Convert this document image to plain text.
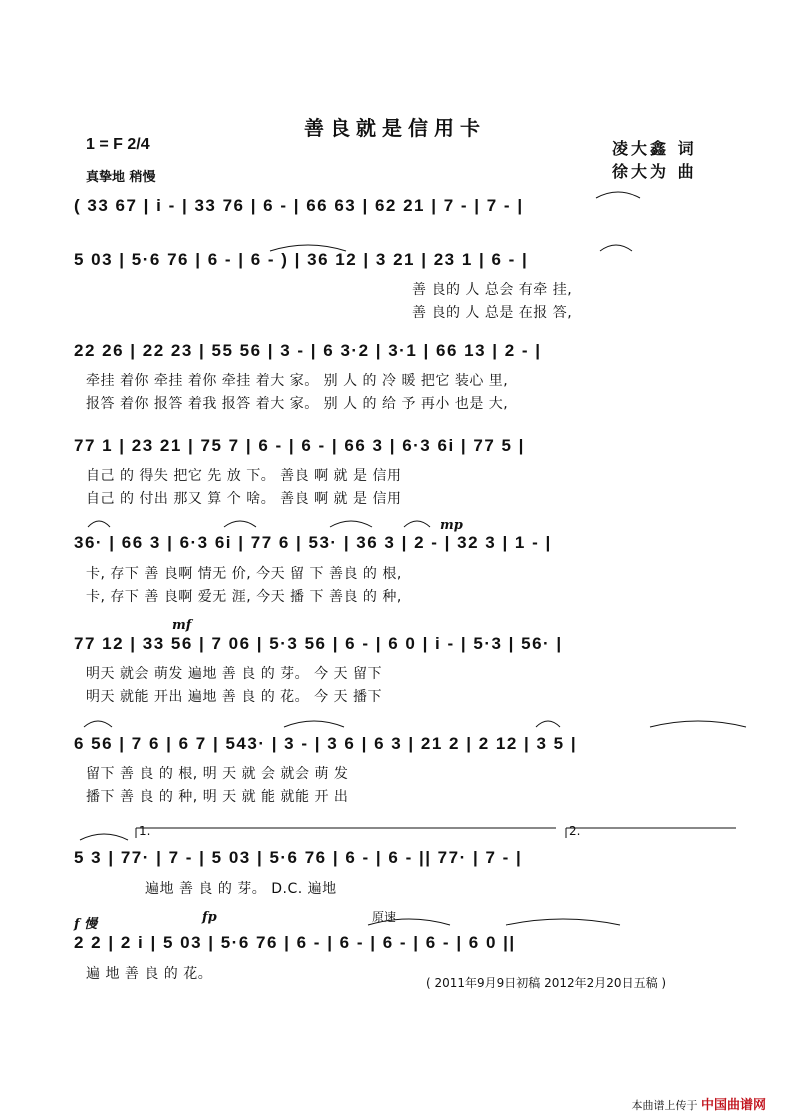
善良就是信用卡
1 = F 2/4
真挚地 稍慢
凌大鑫 词
徐大为 曲
( 33 67 | i - | 33 76 | 6 - | 66 63 | 62 21 | 7 - | 7 - |
5 03 | 5·6 76 | 6 - | 6 - ) | 36 12 | 3 21 | 23 1 | 6 - |
善 良的 人 总会 有牵 挂,
善 良的 人 总是 在报 答,
22 26 | 22 23 | 55 56 | 3 - | 6 3·2 | 3·1 | 66 13 | 2 - |
牵挂 着你 牵挂 着你 牵挂 着大 家。 别 人 的 冷 暖 把它 装心 里,
报答 着你 报答 着我 报答 着大 家。 别 人 的 给 予 再小 也是 大,
77 1 | 23 21 | 75 7 | 6 - | 6 - | 66 3 | 6·3 6i | 77 5 |
自己 的 得失 把它 先 放 下。 善良 啊 就 是 信用
自己 的 付出 那又 算 个 啥。 善良 啊 就 是 信用
mp
36· | 66 3 | 6·3 6i | 77 6 | 53· | 36 3 | 2 - | 32 3 | 1 - |
卡, 存下 善 良啊 情无 价, 今天 留 下 善良 的 根,
卡, 存下 善 良啊 爱无 涯, 今天 播 下 善良 的 种,
mf
77 12 | 33 56 | 7 06 | 5·3 56 | 6 - | 6 0 | i - | 5·3 | 56· |
明天 就会 萌发 遍地 善 良 的 芽。 今 天 留下
明天 就能 开出 遍地 善 良 的 花。 今 天 播下
6 56 | 7 6 | 6 7 | 543· | 3 - | 3 6 | 6 3 | 21 2 | 2 12 | 3 5 |
留下 善 良 的 根, 明 天 就 会 就会 萌 发
播下 善 良 的 种, 明 天 就 能 就能 开 出
1.	2.
5 3 | 77· | 7 - | 5 03 | 5·6 76 | 6 - | 6 - || 77· | 7 - |
遍地 善 良 的 芽。 D.C. 遍地
f 慢	fp	原速
2 2 | 2 i | 5 03 | 5·6 76 | 6 - | 6 - | 6 - | 6 - | 6 0 ||
遍 地 善 良 的 花。
( 2011年9月9日初稿 2012年2月20日五稿 )
本曲谱上传于 中国曲谱网
